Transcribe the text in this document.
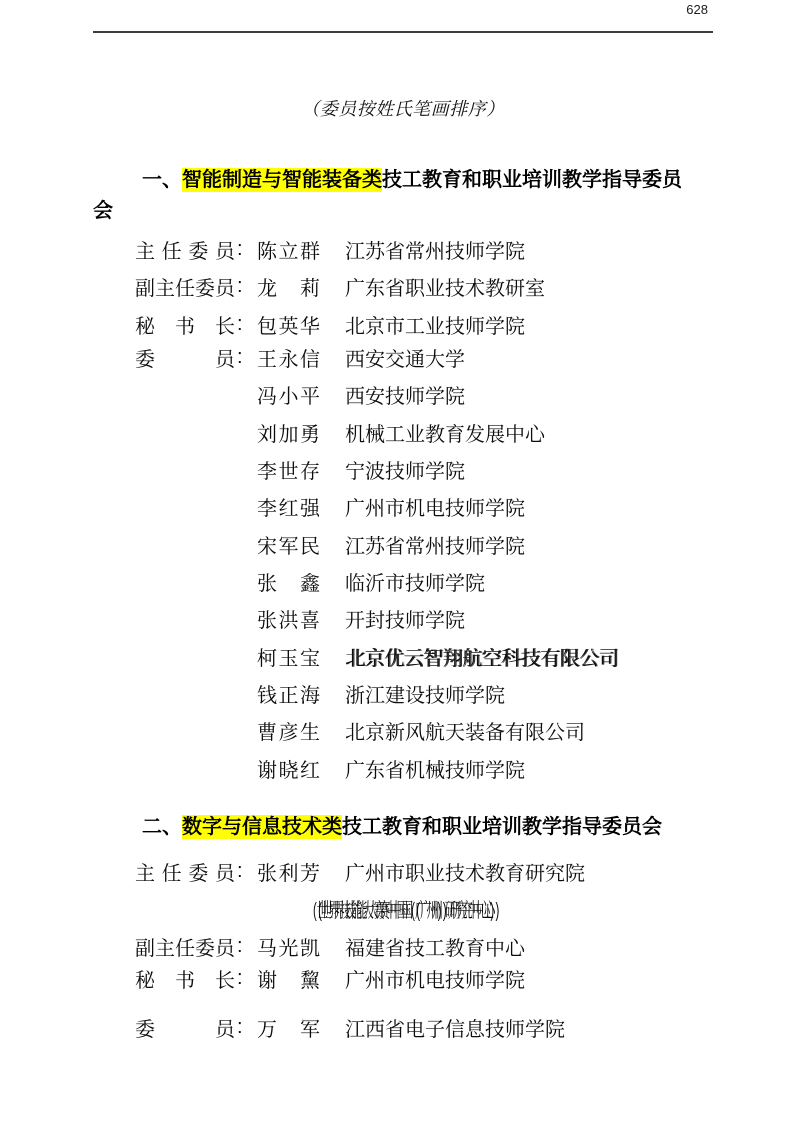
628
（委员按姓氏笔画排序）
一、智能制造与智能装备类技工教育和职业培训教学指导委员
会
主任委员 : 陈立群 江苏省常州技师学院
副主任委员 : 龙　莉 广东省职业技术教研室
秘书长 : 包英华 北京市工业技师学院
委员 : 王永信 西安交通大学
冯小平 西安技师学院
刘加勇 机械工业教育发展中心
李世存 宁波技师学院
李红强 广州市机电技师学院
宋军民 江苏省常州技师学院
张　鑫 临沂市技师学院
张洪喜 开封技师学院
柯玉宝 北京优云智翔航空科技有限公司
钱正海 浙江建设技师学院
曹彦生 北京新风航天装备有限公司
谢晓红 广东省机械技师学院
二、数字与信息技术类技工教育和职业培训教学指导委员会
主任委员 : 张利芳 广州市职业技术教育研究院
(世界技能大赛中国 (广州) 研究中心)
副主任委员 : 马光凯 福建省技工教育中心
秘书长 : 谢　黧 广州市机电技师学院
委员 : 万　军 江西省电子信息技师学院
